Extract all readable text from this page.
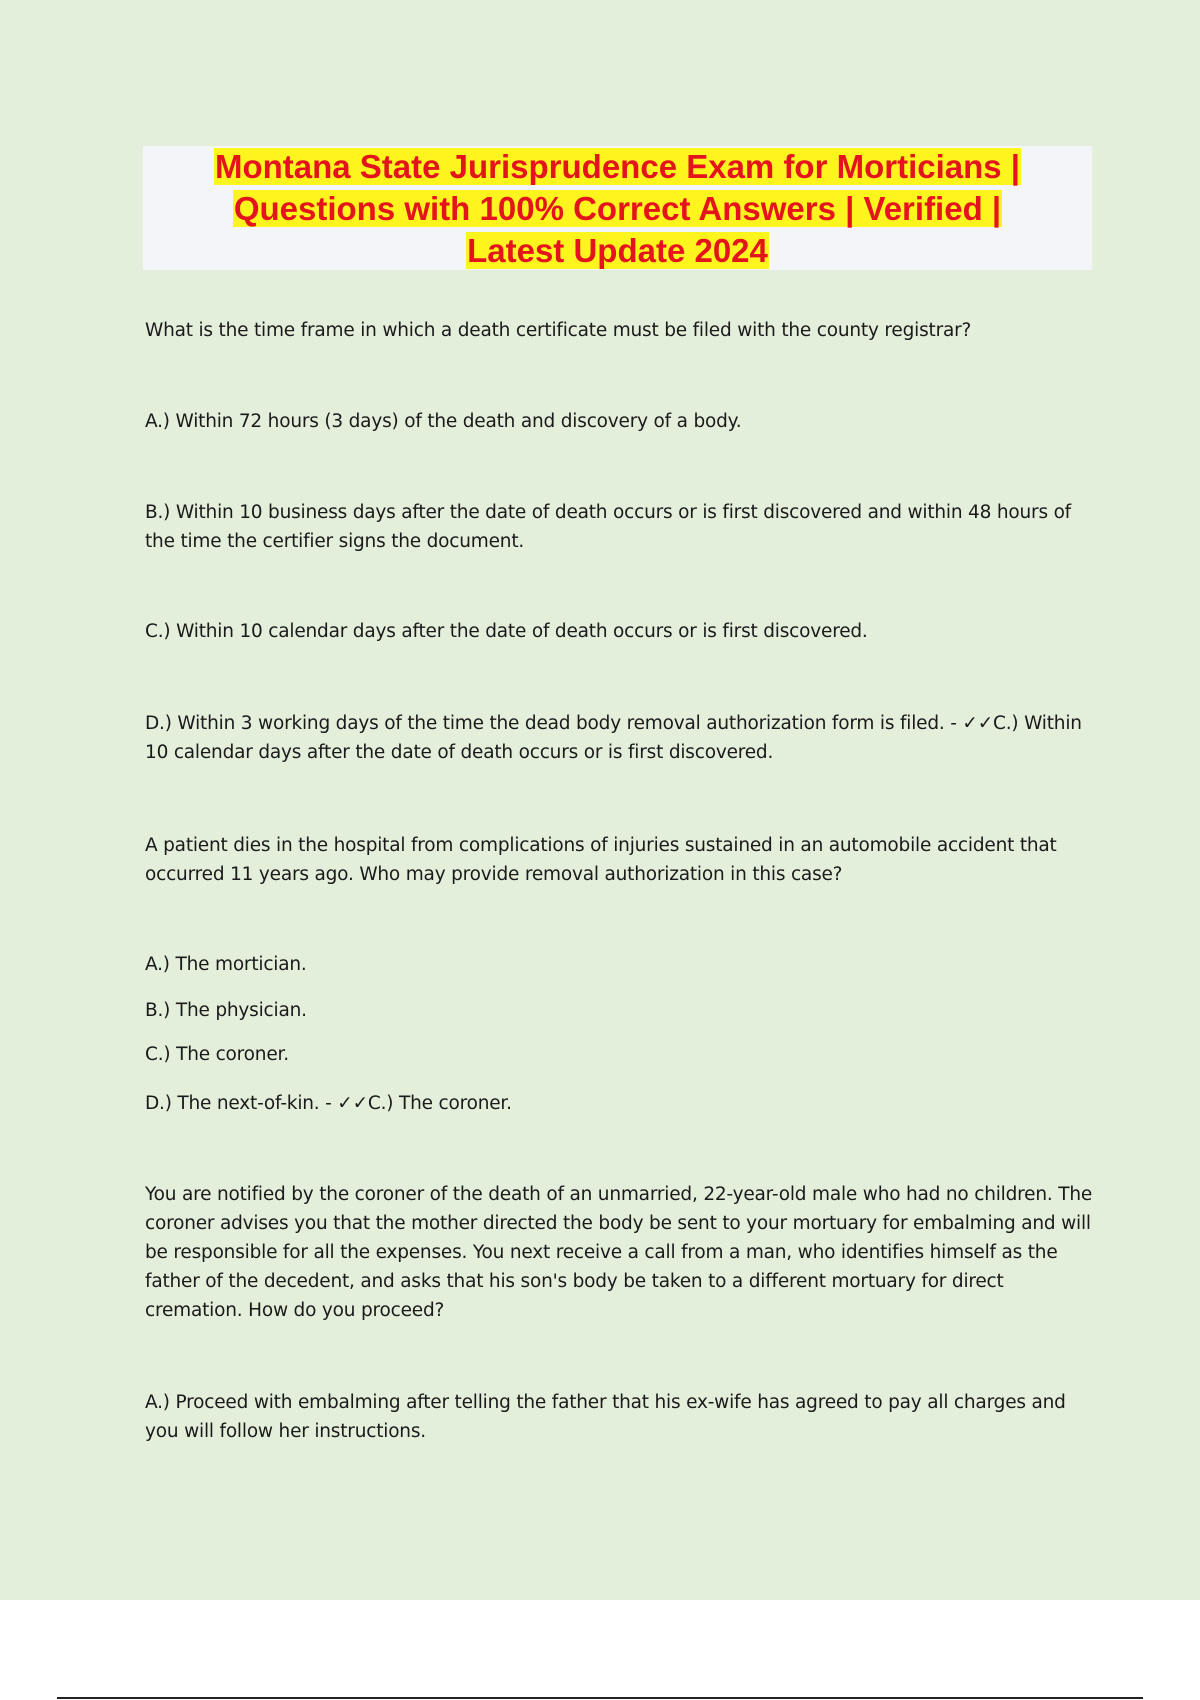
Montana State Jurisprudence Exam for Morticians |
Questions with 100% Correct Answers | Verified |
Latest Update 2024

What is the time frame in which a death certificate must be filed with the county registrar?

A.) Within 72 hours (3 days) of the death and discovery of a body.

B.) Within 10 business days after the date of death occurs or is first discovered and within 48 hours of the time the certifier signs the document.

C.) Within 10 calendar days after the date of death occurs or is first discovered.

D.) Within 3 working days of the time the dead body removal authorization form is filed. - ✓✓C.) Within 10 calendar days after the date of death occurs or is first discovered.

A patient dies in the hospital from complications of injuries sustained in an automobile accident that occurred 11 years ago. Who may provide removal authorization in this case?

A.) The mortician.

B.) The physician.

C.) The coroner.

D.) The next-of-kin. - ✓✓C.) The coroner.

You are notified by the coroner of the death of an unmarried, 22-year-old male who had no children. The coroner advises you that the mother directed the body be sent to your mortuary for embalming and will be responsible for all the expenses. You next receive a call from a man, who identifies himself as the father of the decedent, and asks that his son's body be taken to a different mortuary for direct cremation. How do you proceed?

A.) Proceed with embalming after telling the father that his ex-wife has agreed to pay all charges and you will follow her instructions.
